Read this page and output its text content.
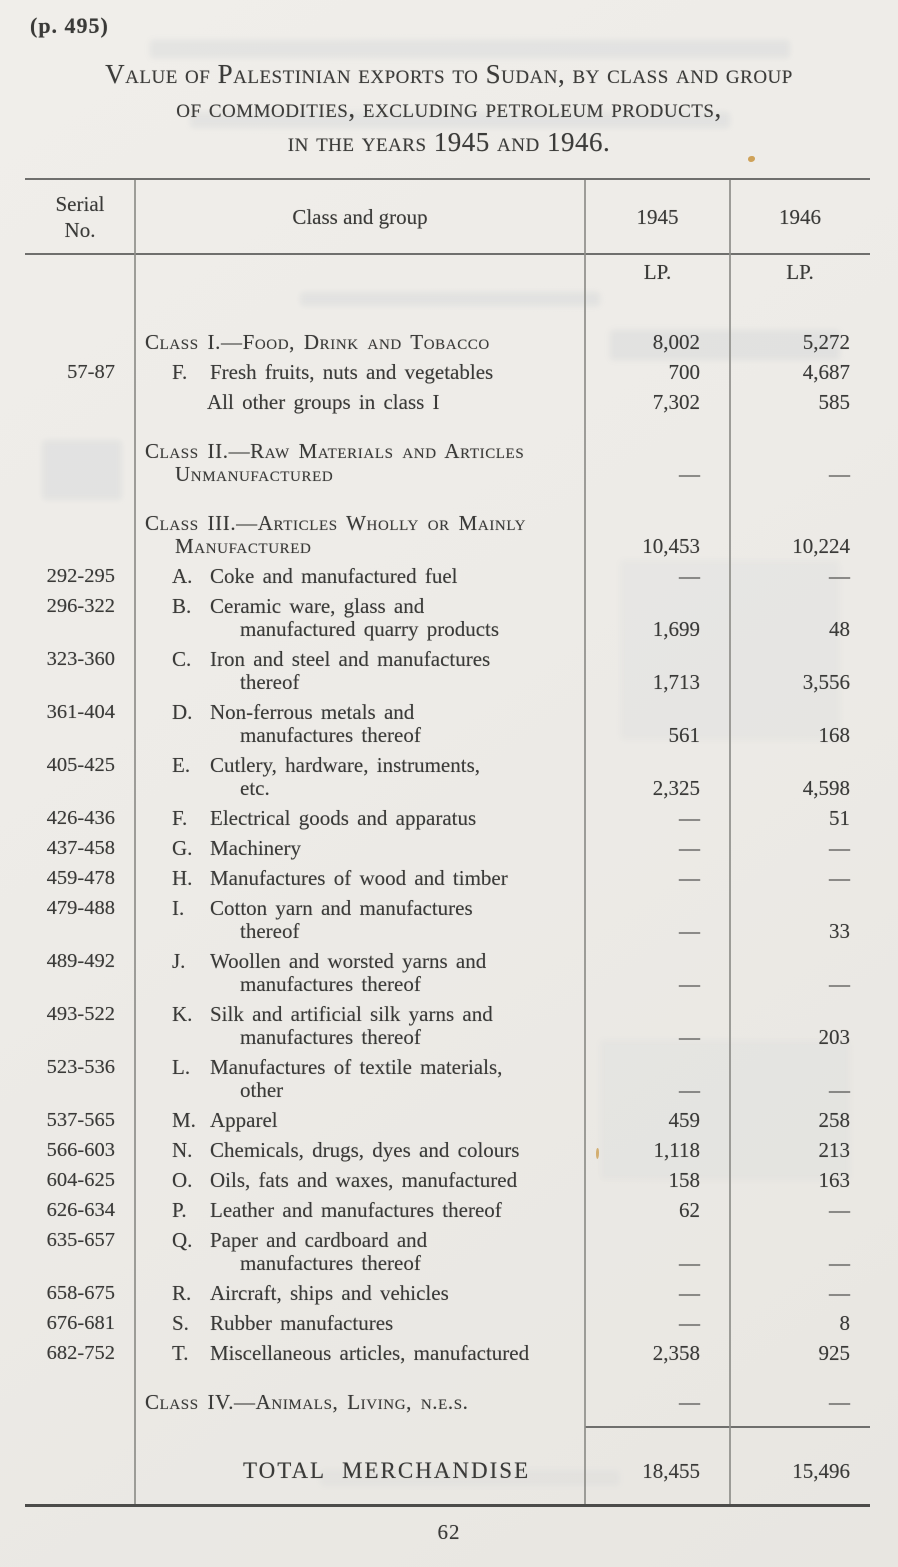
(p. 495)
Value of Palestinian exports to Sudan, by class and group
of commodities, excluding petroleum products,
in the years 1945 and 1946.
Serial
No.
Class and group	1945	1946
LP.	LP.
Class I.—Food, Drink and Tobacco	8,002	5,272
57-87	F. Fresh fruits, nuts and vegetables	700	4,687
All other groups in class I	7,302	585
Class II.—Raw Materials and Articles
Unmanufactured	—	—
Class III.—Articles Wholly or Mainly
Manufactured	10,453	10,224
292-295	A. Coke and manufactured fuel	—	—
296-322	B. Ceramic ware, glass and
manufactured quarry products	1,699	48
323-360	C. Iron and steel and manufactures
thereof	1,713	3,556
361-404	D. Non-ferrous metals and
manufactures thereof	561	168
405-425	E. Cutlery, hardware, instruments,
etc.	2,325	4,598
426-436	F. Electrical goods and apparatus	—	51
437-458	G. Machinery	—	—
459-478	H. Manufactures of wood and timber	—	—
479-488	I. Cotton yarn and manufactures
thereof	—	33
489-492	J. Woollen and worsted yarns and
manufactures thereof	—	—
493-522	K. Silk and artificial silk yarns and
manufactures thereof	—	203
523-536	L. Manufactures of textile materials,
other	—	—
537-565	M. Apparel	459	258
566-603	N. Chemicals, drugs, dyes and colours	1,118	213
604-625	O. Oils, fats and waxes, manufactured	158	163
626-634	P. Leather and manufactures thereof	62	—
635-657	Q. Paper and cardboard and
manufactures thereof	—	—
658-675	R. Aircraft, ships and vehicles	—	—
676-681	S. Rubber manufactures	—	8
682-752	T. Miscellaneous articles, manufactured	2,358	925
Class IV.—Animals, Living, n.e.s.	—	—
TOTAL MERCHANDISE	18,455	15,496
62
